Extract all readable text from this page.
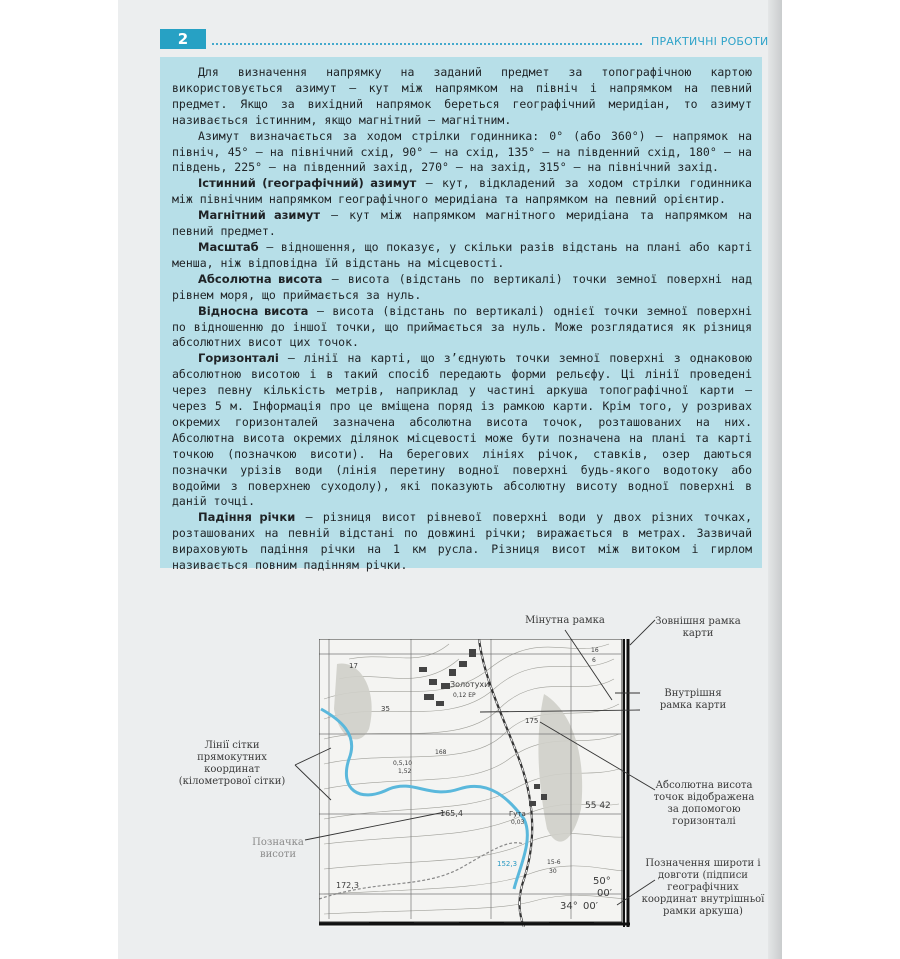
2	ПРАКТИЧНІ РОБОТИ

Для визначення напрямку на заданий предмет за топографічною картою використовується азимут — кут між напрямком на північ і напрямком на певний предмет. Якщо за вихідний напрямок береться географічний меридіан, то азимут називається істинним, якщо магнітний — магнітним.

Азимут визначається за ходом стрілки годинника: 0° (або 360°) — напрямок на північ, 45° — на північний схід, 90° — на схід, 135° — на південний схід, 180° — на південь, 225° — на південний захід, 270° — на захід, 315° — на північний захід.

Істинний (географічний) азимут — кут, відкладений за ходом стрілки годинника між північним напрямком географічного меридіана та напрямком на певний орієнтир.

Магнітний азимут — кут між напрямком магнітного меридіана та напрямком на певний предмет.

Масштаб — відношення, що показує, у скільки разів відстань на плані або карті менша, ніж відповідна їй відстань на місцевості.

Абсолютна висота — висота (відстань по вертикалі) точки земної поверхні над рівнем моря, що приймається за нуль.

Відносна висота — висота (відстань по вертикалі) однієї точки земної поверхні по відношенню до іншої точки, що приймається за нуль. Може розглядатися як різниця абсолютних висот цих точок.

Горизонталі — лінії на карті, що з’єднують точки земної поверхні з однаковою абсолютною висотою і в такий спосіб передають форми рельєфу. Ці лінії проведені через певну кількість метрів, наприклад у частині аркуша топографічної карти — через 5 м. Інформація про це вміщена поряд із рамкою карти. Крім того, у розривах окремих горизонталей зазначена абсолютна висота точок, розташованих на них. Абсолютна висота окремих ділянок місцевості може бути позначена на плані та карті точкою (позначкою висоти). На берегових лініях річок, ставків, озер даються позначки урізів води (лінія перетину водної поверхні будь-якого водотоку або водойми з поверхнею суходолу), які показують абсолютну висоту водної поверхні в даній точці.

Падіння річки — різниця висот рівневої поверхні води у двох різних точках, розташованих на певній відстані по довжині річки; виражається в метрах. Зазвичай вираховують падіння річки на 1 км русла. Різниця висот між витоком і гирлом називається повним падінням річки.

Золотухи
0,12 ЕР
175
165,4
172,3
Гута
0,03
55 42
152,3	15-6
30
35
168
0,5,10
1,52
17
16
6
50°
00′
34° 00′
Мінутна рамка	Зовнішня рамка карти
Внутрішня рамка карти
Лінії сітки прямокутних координат (кілометрової сітки)	Абсолютна висота точок відображена за допомогою горизонталі
Позначка висоти
Позначення широти і довготи (підписи географічних координат внутрішньої рамки аркуша)
